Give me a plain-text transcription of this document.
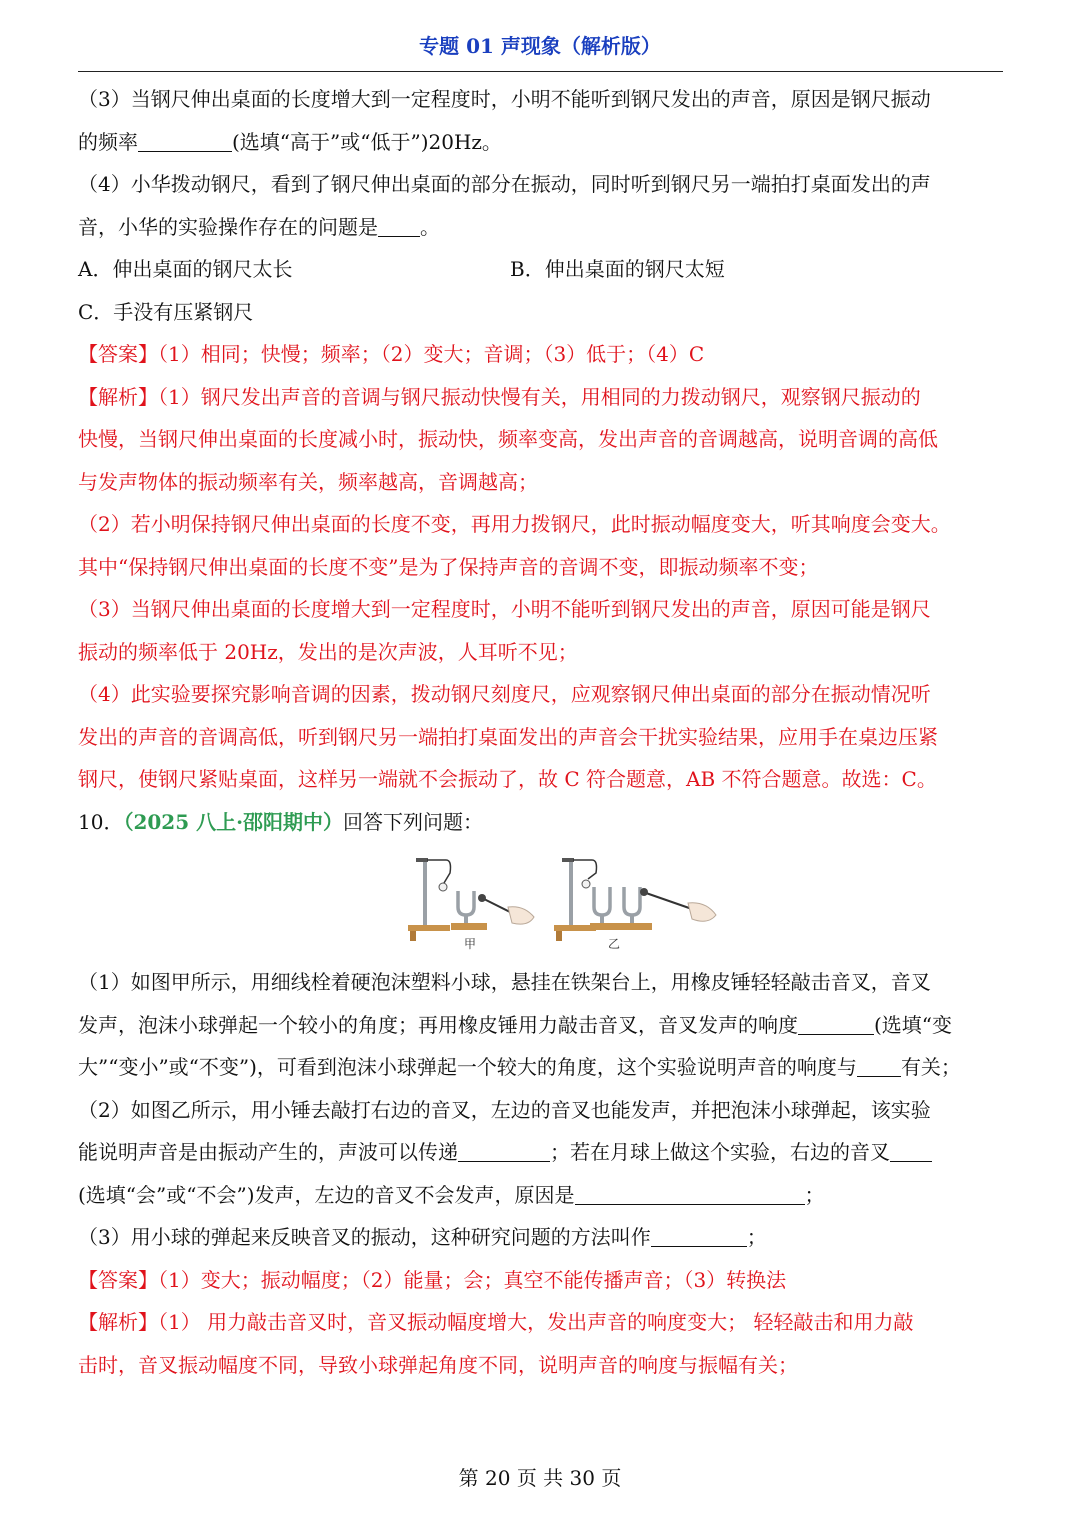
专题 01 声现象（解析版）
（3）当钢尺伸出桌面的长度增大到一定程度时，小明不能听到钢尺发出的声音，原因是钢尺振动
的频率	(选填“高于”或“低于”)20Hz。
（4）小华拨动钢尺，看到了钢尺伸出桌面的部分在振动，同时听到钢尺另一端拍打桌面发出的声
音，小华的实验操作存在的问题是 。
A．伸出桌面的钢尺太长	B．伸出桌面的钢尺太短
C．手没有压紧钢尺
【答案】（1）相同；快慢；频率；（2）变大；音调；（3）低于；（4）C
【解析】（1）钢尺发出声音的音调与钢尺振动快慢有关，用相同的力拨动钢尺，观察钢尺振动的
快慢，当钢尺伸出桌面的长度减小时，振动快，频率变高，发出声音的音调越高，说明音调的高低
与发声物体的振动频率有关，频率越高，音调越高；
（2）若小明保持钢尺伸出桌面的长度不变，再用力拨钢尺，此时振动幅度变大，听其响度会变大。
其中“保持钢尺伸出桌面的长度不变”是为了保持声音的音调不变，即振动频率不变；
（3）当钢尺伸出桌面的长度增大到一定程度时，小明不能听到钢尺发出的声音，原因可能是钢尺
振动的频率低于 20Hz，发出的是次声波，人耳听不见；
（4）此实验要探究影响音调的因素，拨动钢尺刻度尺，应观察钢尺伸出桌面的部分在振动情况听
发出的声音的音调高低，听到钢尺另一端拍打桌面发出的声音会干扰实验结果，应用手在桌边压紧
钢尺，使钢尺紧贴桌面，这样另一端就不会振动了，故 C 符合题意，AB 不符合题意。故选：C。
10．（2025 八上·邵阳期中）回答下列问题：
甲	乙
（1）如图甲所示，用细线栓着硬泡沫塑料小球，悬挂在铁架台上，用橡皮锤轻轻敲击音叉，音叉
发声，泡沫小球弹起一个较小的角度；再用橡皮锤用力敲击音叉，音叉发声的响度	(选填“变
大”“变小”或“不变”)，可看到泡沫小球弹起一个较大的角度，这个实验说明声音的响度与 有关；
（2）如图乙所示，用小锤去敲打右边的音叉，左边的音叉也能发声，并把泡沫小球弹起，该实验
能说明声音是由振动产生的，声波可以传递	；若在月球上做这个实验，右边的音叉
(选填“会”或“不会”)发声，左边的音叉不会发声，原因是	；
（3）用小球的弹起来反映音叉的振动，这种研究问题的方法叫作	；
【答案】（1）变大；振动幅度；（2）能量；会；真空不能传播声音；（3）转换法
【解析】（1） 用力敲击音叉时，音叉振动幅度增大，发出声音的响度变大； 轻轻敲击和用力敲
击时，音叉振动幅度不同，导致小球弹起角度不同，说明声音的响度与振幅有关；
第 20 页 共 30 页
